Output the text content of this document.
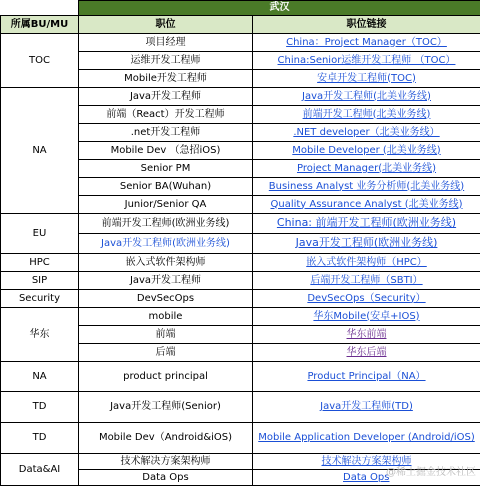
	武汉	
所属BU/MU	职位	职位链接
TOC	项目经理	China：Project Manager（TOC）
	运维开发工程师	China:Senior运维开发工程师 （TOC）
	Mobile开发工程师	安卓开发工程师(TOC)
NA	Java开发工程师	Java开发工程师(北美业务线)
	前端（React）开发工程师	前端开发工程师(北美业务线)
	.net开发工程师	.NET developer（北美业务线）
	Mobile Dev （急招iOS)	Mobile Developer (北美业务线)
	Senior PM	Project Manager(北美业务线)
	Senior BA(Wuhan)	Business Analyst 业务分析师(北美业务线)
	Junior/Senior QA	Quality Assurance Analyst (北美业务线)
EU	前端开发工程师(欧洲业务线)	China: 前端开发工程师(欧洲业务线)
	Java开发工程师(欧洲业务线)	Java开发工程师(欧洲业务线)
HPC	嵌入式软件架构师	嵌入式软件架构师（HPC）
SIP	Java开发工程师	后端开发工程师（SBTI）
Security	DevSecOps	DevSecOps（Security）
华东	mobile	华东Mobile(安卓+IOS)
	前端	华东前端
	后端	华东后端
NA	product principal	Product Principal（NA）
TD	Java开发工程师(Senior)	Java开发工程师(TD)
TD	Mobile Dev（Android&iOS)	Mobile Application Developer (Android/iOS)
Data&AI	技术解决方案架构师	技术解决方案架构师
	Data Ops	Data Ops
@稀土掘金技术社区
